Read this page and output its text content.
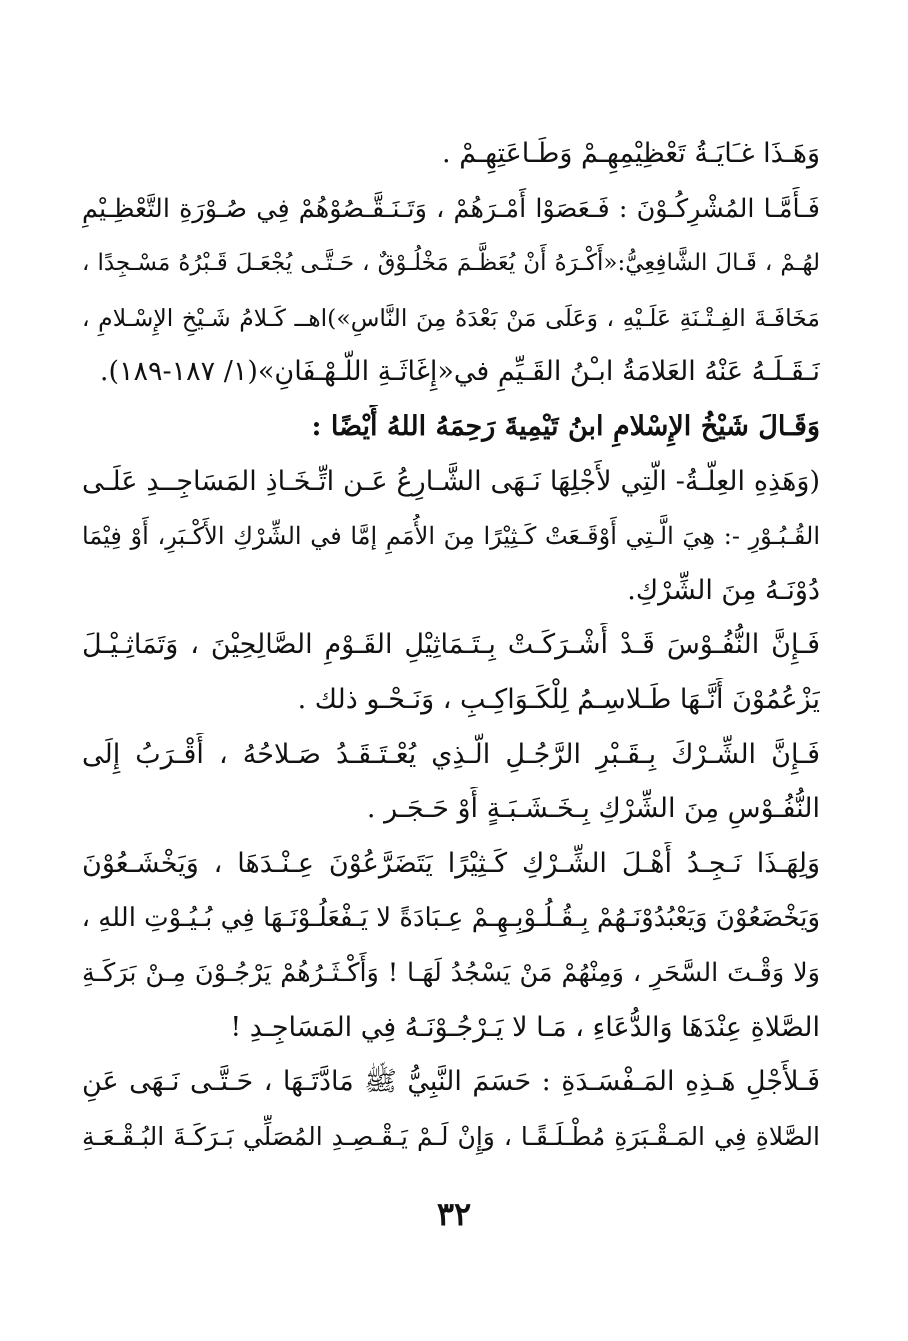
وَهَـذَا غـَايَـةُ تَعْظِيْمِهِـمْ وَطَـاعَتِهِـمْ .
فَـأَمَّـا المُشْرِكُـوْنَ : فَـعَصَوْا أَمْـرَهُمْ ، وَتَـنَـقَّـصُوْهُمْ فِي صُـوْرَةِ التَّعْظِـيْمِ
لهُـمْ ، قَـالَ الشَّافِعِيُّ:«أَكْـرَهُ أَنْ يُعَظَّـمَ مَخْلُـوْقٌ ، حَـتَّـى يُجْعَـلَ قَـبْرُهُ مَسْـجِدًا ،
مَخَافَـةَ الفِـتْـنَةِ عَلَـيْهِ ، وَعَلَى مَنْ بَعْدَهُ مِنَ النَّاسِ»)اهــ كَـلامُ شَـيْخِ الإِسْـلامِ ،
نَـقَـلَـهُ عَنْهُ العَلامَةُ ابـْنُ القَـيِّمِ في«إِغَاثَـةِ اللَّـهْـفَانِ»(١/ ١٨٧-١٨٩).
وَقَـالَ شَيْخُ الإِسْلامِ ابنُ تَيْمِيةَ رَحِمَهُ اللهُ أَيْضًا :
(وَهَذِهِ العِلَّـةُ- الَّتِي لأَجْلِهَا نَـهَى الشَّـارِعُ عَـن اتِّـخَـاذِ المَسَاجِــدِ عَلَـى
القُـبُـوْرِ -: هِيَ الَّـتِي أَوْقَـعَتْ كَـثِيْرًا مِنَ الأُمَمِ إمَّا في الشِّرْكِ الأَكْـبَرِ، أَوْ فِيْمَا
دُوْنَـهُ مِنَ الشِّرْكِ.
فَـإِنَّ النُّفُـوْسَ قَـدْ أَشْـرَكَـتْ بِـتَـمَاثِيْلِ القَـوْمِ الصَّالِحِيْنَ ، وَتَمَاثِـيْـلَ
يَزْعُمُوْنَ أَنَّـهَا طَـلاسِـمُ لِلْكَـوَاكِـبِ ، وَنَـحْـو ذلك .
فَـإِنَّ الشِّـرْكَ بِـقَـبْرِ الرَّجُـلِ الَّـذِي يُعْـتَـقَـدُ صَـلاحُهُ ، أَقْـرَبُ إِلَى
النُّفُـوْسِ مِنَ الشِّرْكِ بِـخَـشَـبَـةٍ أَوْ حَـجَـر .
وَلِهَـذَا نَـجِـدُ أَهْـلَ الشِّـرْكِ كَـثِيْرًا يَتَضَرَّعُوْنَ عِـنْـدَهَا ، وَيَخْشَـعُوْنَ
وَيَخْضَعُوْنَ وَيَعْبُدُوْنَـهُمْ بِـقُـلُـوْبِـهِـمْ عِـبَادَةً لا يَـفْعَلُـوْنَـهَا فِي بُـيُـوْتِ اللهِ ،
وَلا وَقْـتَ السَّحَرِ ، وَمِنْهُمْ مَنْ يَسْجُدُ لَهَـا ! وَأَكْـثَـرُهُمْ يَرْجُـوْنَ مِـنْ بَرَكَـةِ
الصَّلاةِ عِنْدَهَا وَالدُّعَاءِ ، مَـا لا يَـرْجُـوْنَـهُ فِي المَسَاجِـدِ !
فَـلأَجْلِ هَـذِهِ المَـفْسَـدَةِ : حَسَمَ النَّبِيُّ ﷺ مَادَّتَـهَا ، حَـتَّـى نَـهَى عَنِ
الصَّلاةِ فِي المَـقْـبَرَةِ مُطْـلَـقًـا ، وَإِنْ لَـمْ يَـقْـصِـدِ المُصَلِّي بَـرَكَـةَ البُـقْـعَـةِ
٣٢
